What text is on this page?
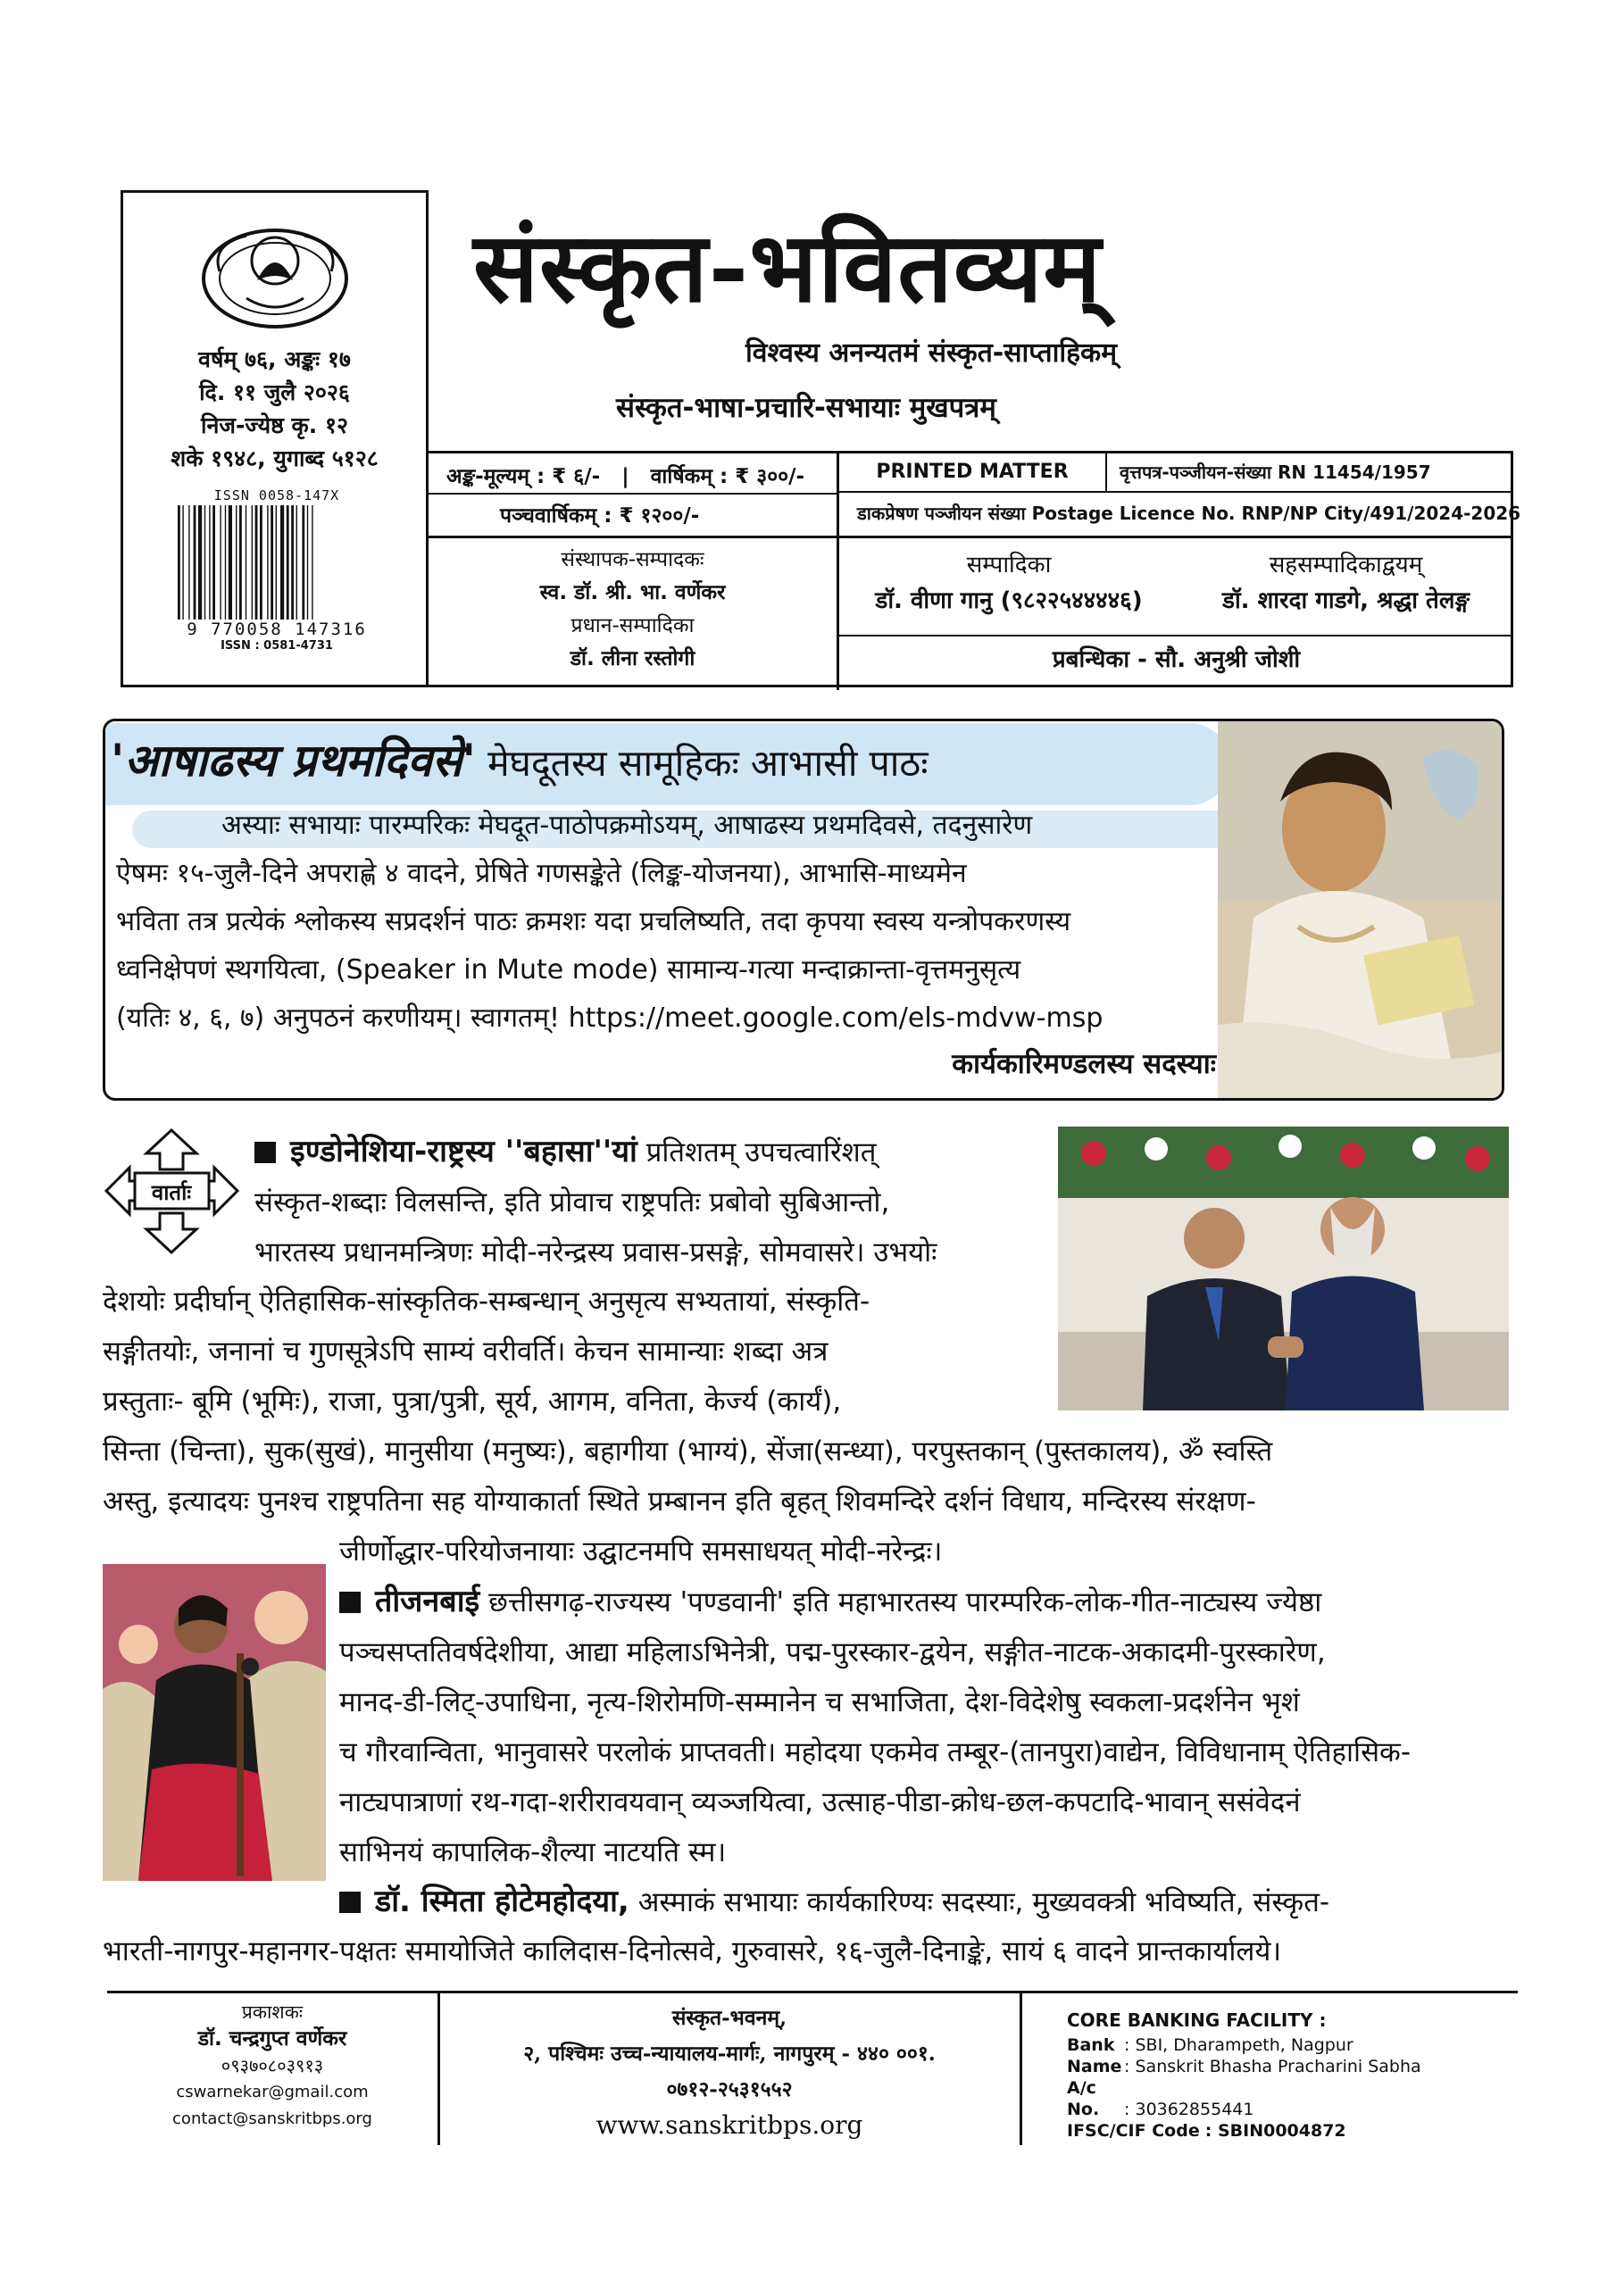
वर्षम् ७६, अङ्कः १७
दि. ११ जुलै २०२६
निज-ज्येष्ठ कृ. १२
शके १९४८, युगाब्द ५१२८
ISSN 0058-147X
9 770058 147316
ISSN : 0581-4731
संस्कृत-भवितव्यम्
विश्वस्य अनन्यतमं संस्कृत-साप्ताहिकम्
संस्कृत-भाषा-प्रचारि-सभायाः मुखपत्रम्
अङ्क-मूल्यम् : ₹ ६/-   |   वार्षिकम् : ₹ ३००/-
पञ्चवार्षिकम् : ₹ १२००/-
PRINTED MATTER	वृत्तपत्र-पञ्जीयन-संख्या RN 11454/1957
डाकप्रेषण पञ्जीयन संख्या Postage Licence No. RNP/NP City/491/2024-2026
संस्थापक-सम्पादकः
स्व. डॉ. श्री. भा. वर्णेकर
प्रधान-सम्पादिका
डॉ. लीना रस्तोगी
सम्पादिका
डॉ. वीणा गानु (९८२२५४४४४६)
सहसम्पादिकाद्वयम्
डॉ. शारदा गाडगे, श्रद्धा तेलङ्ग
प्रबन्धिका - सौ. अनुश्री जोशी
'आषाढस्य प्रथमदिवसे' मेघदूतस्य सामूहिकः आभासी पाठः

अस्याः सभायाः पारम्परिकः मेघदूत-पाठोपक्रमोऽयम्, आषाढस्य प्रथमदिवसे, तदनुसारेण

ऐषमः १५-जुलै-दिने अपराह्णे ४ वादने, प्रेषिते गणसङ्केते (लिङ्क-योजनया), आभासि-माध्यमेन

भविता तत्र प्रत्येकं श्लोकस्य सप्रदर्शनं पाठः क्रमशः यदा प्रचलिष्यति, तदा कृपया स्वस्य यन्त्रोपकरणस्य

ध्वनिक्षेपणं स्थगयित्वा, (Speaker in Mute mode) सामान्य-गत्या मन्दाक्रान्ता-वृत्तमनुसृत्य

(यतिः ४, ६, ७) अनुपठनं करणीयम्। स्वागतम्! https://meet.google.com/els-mdvw-msp

कार्यकारिमण्डलस्य सदस्याः
वार्ताः

इण्डोनेशिया-राष्ट्रस्य ''बहासा''यां प्रतिशतम् उपचत्वारिंशत्

संस्कृत-शब्दाः विलसन्ति, इति प्रोवाच राष्ट्रपतिः प्रबोवो सुबिआन्तो,

भारतस्य प्रधानमन्त्रिणः मोदी-नरेन्द्रस्य प्रवास-प्रसङ्गे, सोमवासरे। उभयोः

देशयोः प्रदीर्घान् ऐतिहासिक-सांस्कृतिक-सम्बन्धान् अनुसृत्य सभ्यतायां, संस्कृति-

सङ्गीतयोः, जनानां च गुणसूत्रेऽपि साम्यं वरीवर्ति। केचन सामान्याः शब्दा अत्र

प्रस्तुताः- बूमि (भूमिः), राजा, पुत्रा/पुत्री, सूर्य, आगम, वनिता, केर्ज्य (कार्यं),

सिन्ता (चिन्ता), सुक(सुखं), मानुसीया (मनुष्यः), बहागीया (भाग्यं), सेंजा(सन्ध्या), परपुस्तकान् (पुस्तकालय), ॐ स्वस्ति

अस्तु, इत्यादयः पुनश्च राष्ट्रपतिना सह योग्याकार्ता स्थिते प्रम्बानन इति बृहत् शिवमन्दिरे दर्शनं विधाय, मन्दिरस्य संरक्षण-

जीर्णोद्धार-परियोजनायाः उद्घाटनमपि समसाधयत् मोदी-नरेन्द्रः।

तीजनबाई छत्तीसगढ़-राज्यस्य 'पण्डवानी' इति महाभारतस्य पारम्परिक-लोक-गीत-नाट्यस्य ज्येष्ठा

पञ्चसप्ततिवर्षदेशीया, आद्या महिलाऽभिनेत्री, पद्म-पुरस्कार-द्वयेन, सङ्गीत-नाटक-अकादमी-पुरस्कारेण,

मानद-डी-लिट्-उपाधिना, नृत्य-शिरोमणि-सम्मानेन च सभाजिता, देश-विदेशेषु स्वकला-प्रदर्शनेन भृशं

च गौरवान्विता, भानुवासरे परलोकं प्राप्तवती। महोदया एकमेव तम्बूर-(तानपुरा)वाद्येन, विविधानाम् ऐतिहासिक-

नाट्यपात्राणां रथ-गदा-शरीरावयवान् व्यञ्जयित्वा, उत्साह-पीडा-क्रोध-छल-कपटादि-भावान् ससंवेदनं

साभिनयं कापालिक-शैल्या नाटयति स्म।

डॉ. स्मिता होटेमहोदया, अस्माकं सभायाः कार्यकारिण्यः सदस्याः, मुख्यवक्त्री भविष्यति, संस्कृत-

भारती-नागपुर-महानगर-पक्षतः समायोजिते कालिदास-दिनोत्सवे, गुरुवासरे, १६-जुलै-दिनाङ्के, सायं ६ वादने प्रान्तकार्यालये।

प्रकाशकः
डॉ. चन्द्रगुप्त वर्णेकर
०९३७०८०३९१३
cswarnekar@gmail.com
contact@sanskritbps.org
संस्कृत-भवनम्,
२, पश्चिमः उच्च-न्यायालय-मार्गः, नागपुरम् - ४४० ००१.
०७१२-२५३१५५२
www.sanskritbps.org
CORE BANKING FACILITY :
Bank : SBI, Dharampeth, Nagpur
Name : Sanskrit Bhasha Pracharini Sabha
A/c No. : 30362855441
IFSC/CIF Code : SBIN0004872
